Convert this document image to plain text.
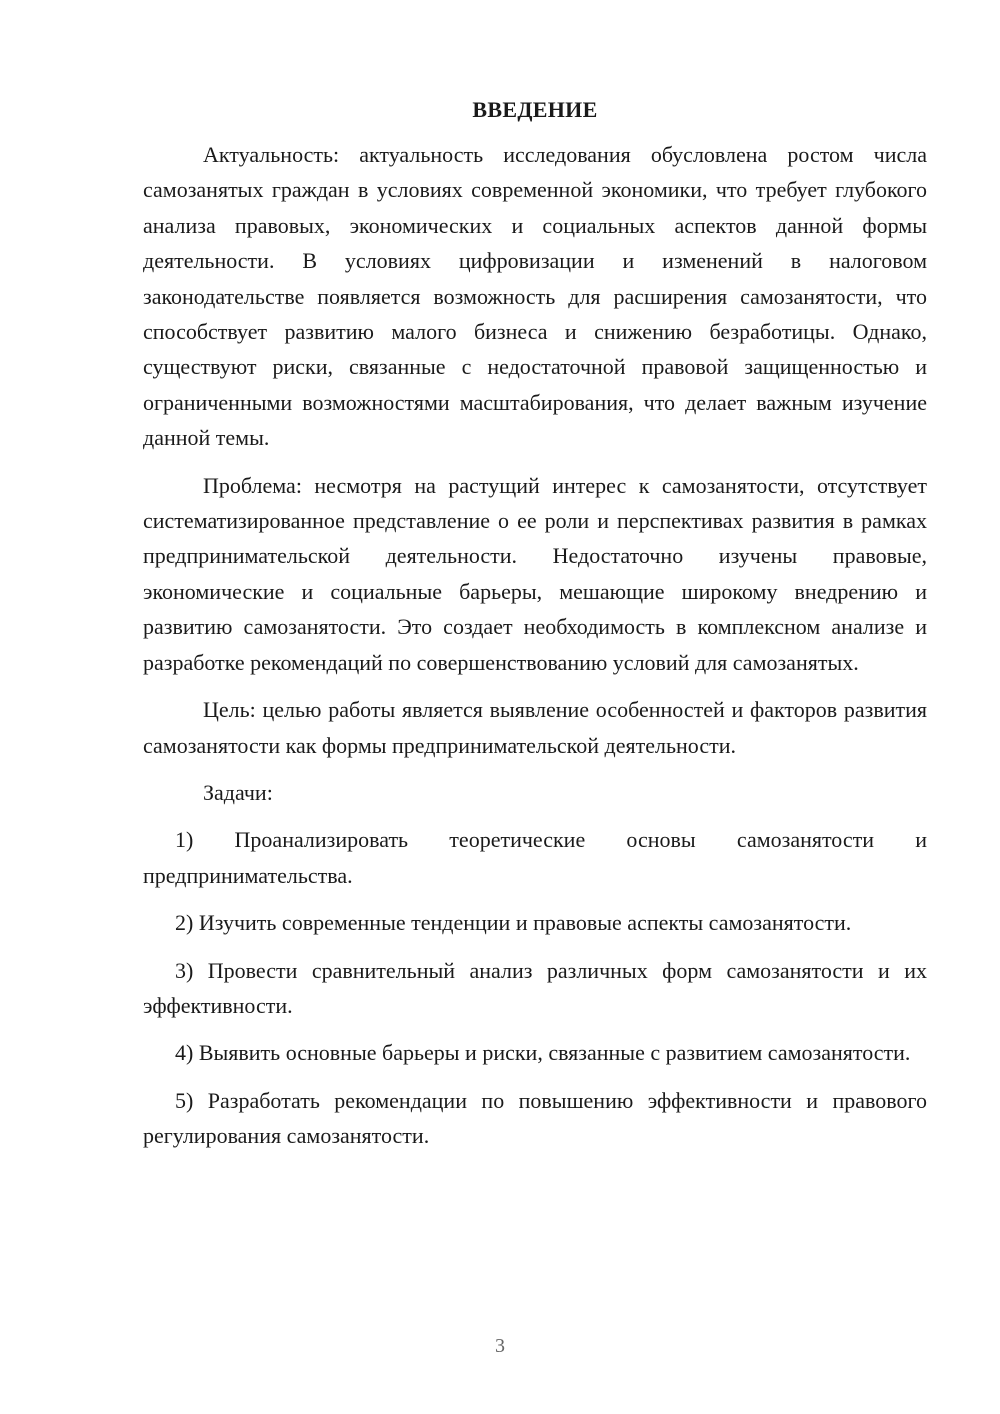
ВВЕДЕНИЕ

Актуальность: актуальность исследования обусловлена ростом числа самозанятых граждан в условиях современной экономики, что требует глубокого анализа правовых, экономических и социальных аспектов данной формы деятельности. В условиях цифровизации и изменений в налоговом законодательстве появляется возможность для расширения самозанятости, что способствует развитию малого бизнеса и снижению безработицы. Однако, существуют риски, связанные с недостаточной правовой защищенностью и ограниченными возможностями масштабирования, что делает важным изучение данной темы.

Проблема: несмотря на растущий интерес к самозанятости, отсутствует систематизированное представление о ее роли и перспективах развития в рамках предпринимательской деятельности. Недостаточно изучены правовые, экономические и социальные барьеры, мешающие широкому внедрению и развитию самозанятости. Это создает необходимость в комплексном анализе и разработке рекомендаций по совершенствованию условий для самозанятых.

Цель: целью работы является выявление особенностей и факторов развития самозанятости как формы предпринимательской деятельности.

Задачи:

1) Проанализировать теоретические основы самозанятости и предпринимательства.

2) Изучить современные тенденции и правовые аспекты самозанятости.

3) Провести сравнительный анализ различных форм самозанятости и их эффективности.

4) Выявить основные барьеры и риски, связанные с развитием самозанятости.

5) Разработать рекомендации по повышению эффективности и правового регулирования самозанятости.

3
